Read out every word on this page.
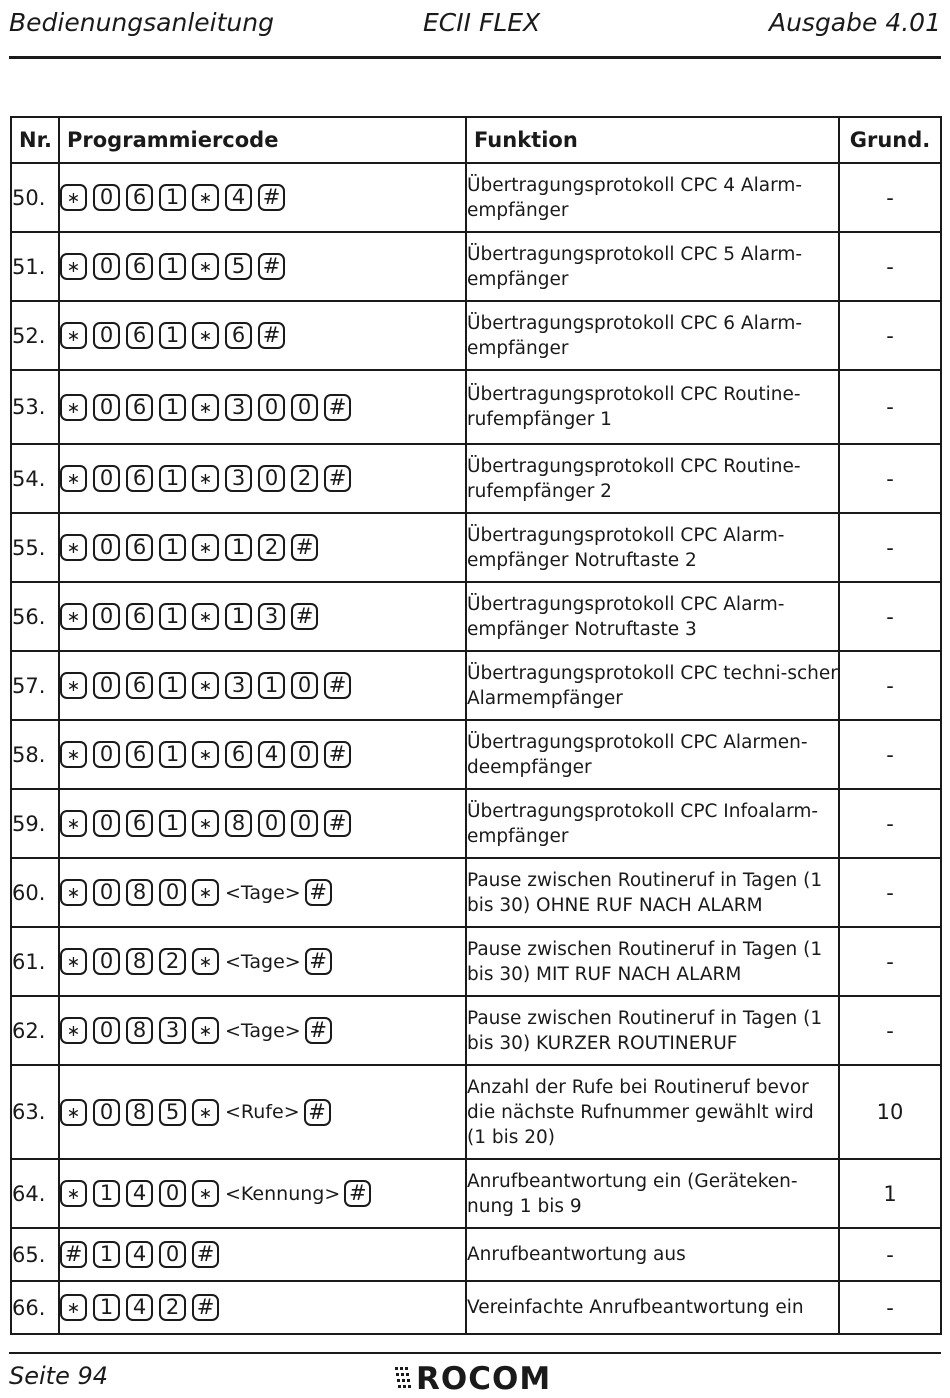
Bedienungsanleitung	ECII FLEX	Ausgabe 4.01
Nr.	Programmiercode	Funktion	Grund.
50.	∗ 0 6 1 ∗ 4 #	Übertragungsprotokoll CPC 4 Alarm-empfänger	-
51.	∗ 0 6 1 ∗ 5 #	Übertragungsprotokoll CPC 5 Alarm-empfänger	-
52.	∗ 0 6 1 ∗ 6 #	Übertragungsprotokoll CPC 6 Alarm-empfänger	-
53.	∗ 0 6 1 ∗ 3 0 0 #	Übertragungsprotokoll CPC Routine-rufempfänger 1	-
54.	∗ 0 6 1 ∗ 3 0 2 #	Übertragungsprotokoll CPC Routine-rufempfänger 2	-
55.	∗ 0 6 1 ∗ 1 2 #	Übertragungsprotokoll CPC Alarm-empfänger Notruftaste 2	-
56.	∗ 0 6 1 ∗ 1 3 #	Übertragungsprotokoll CPC Alarm-empfänger Notruftaste 3	-
57.	∗ 0 6 1 ∗ 3 1 0 #	Übertragungsprotokoll CPC techni-scher Alarmempfänger	-
58.	∗ 0 6 1 ∗ 6 4 0 #	Übertragungsprotokoll CPC Alarmen-deempfänger	-
59.	∗ 0 6 1 ∗ 8 0 0 #	Übertragungsprotokoll CPC Infoalarm-empfänger	-
60.	∗ 0 8 0 ∗ <Tage> #	Pause zwischen Routineruf in Tagen (1 bis 30) OHNE RUF NACH ALARM	-
61.	∗ 0 8 2 ∗ <Tage> #	Pause zwischen Routineruf in Tagen (1 bis 30) MIT RUF NACH ALARM	-
62.	∗ 0 8 3 ∗ <Tage> #	Pause zwischen Routineruf in Tagen (1 bis 30) KURZER ROUTINERUF	-
63.	∗ 0 8 5 ∗ <Rufe> #	Anzahl der Rufe bei Routineruf bevor die nächste Rufnummer gewählt wird (1 bis 20)	10
64.	∗ 1 4 0 ∗ <Kennung> #	Anrufbeantwortung ein (Geräteken-nung 1 bis 9	1
65.	# 1 4 0 #	Anrufbeantwortung aus	-
66.	∗ 1 4 2 #	Vereinfachte Anrufbeantwortung ein	-
Seite 94	ROCOM
